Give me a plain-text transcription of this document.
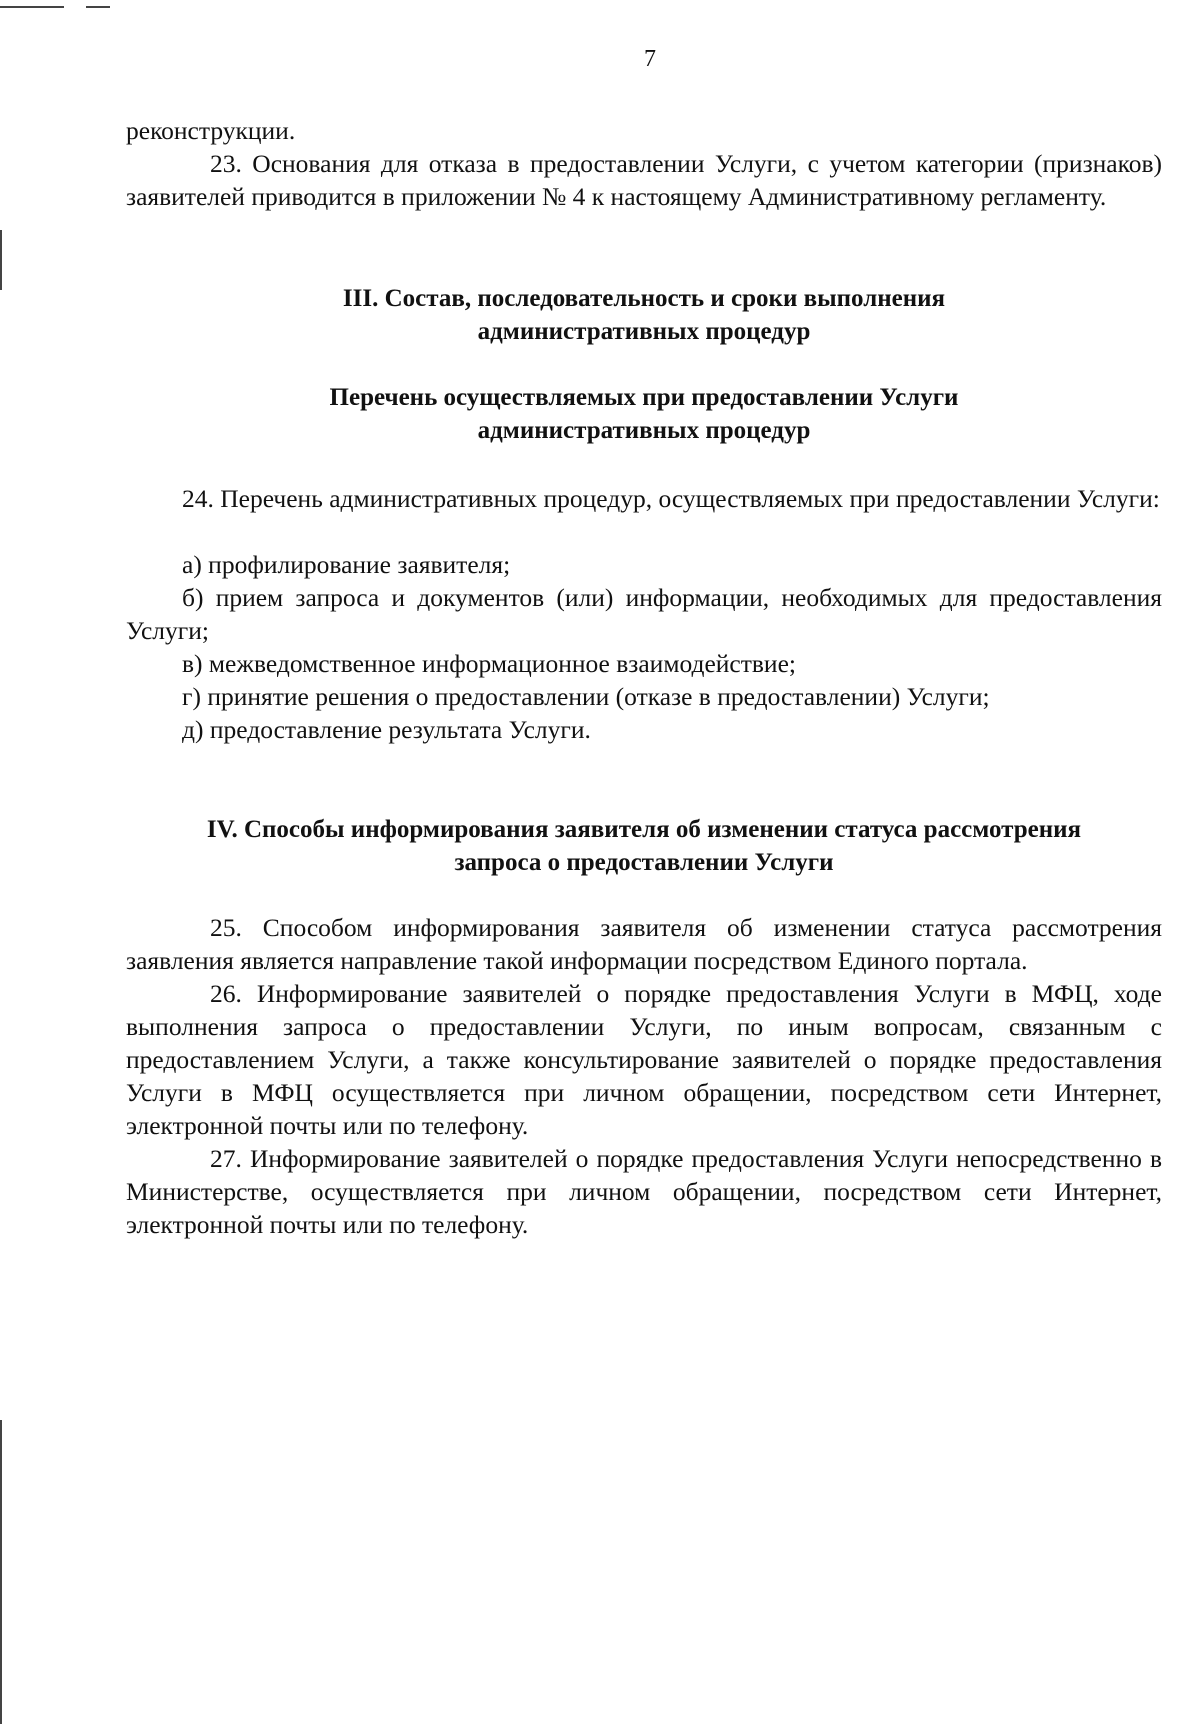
7
реконструкции.
23. Основания для отказа в предоставлении Услуги, с учетом категории (признаков) заявителей приводится в приложении № 4 к настоящему Административному регламенту.
III. Состав, последовательность и сроки выполнения
административных процедур
Перечень осуществляемых при предоставлении Услуги
административных процедур
24. Перечень административных процедур, осуществляемых при предоставлении Услуги:
а) профилирование заявителя;
б) прием запроса и документов (или) информации, необходимых для предоставления Услуги;
в) межведомственное информационное взаимодействие;
г) принятие решения о предоставлении (отказе в предоставлении) Услуги;
д) предоставление результата Услуги.
IV. Способы информирования заявителя об изменении статуса рассмотрения
запроса о предоставлении Услуги
25. Способом информирования заявителя об изменении статуса рассмотрения заявления является направление такой информации посредством Единого портала.
26. Информирование заявителей о порядке предоставления Услуги в МФЦ, ходе выполнения запроса о предоставлении Услуги, по иным вопросам, связанным с предоставлением Услуги, а также консультирование заявителей о порядке предоставления Услуги в МФЦ осуществляется при личном обращении, посредством сети Интернет, электронной почты или по телефону.
27. Информирование заявителей о порядке предоставления Услуги непосредственно в Министерстве, осуществляется при личном обращении, посредством сети Интернет, электронной почты или по телефону.
